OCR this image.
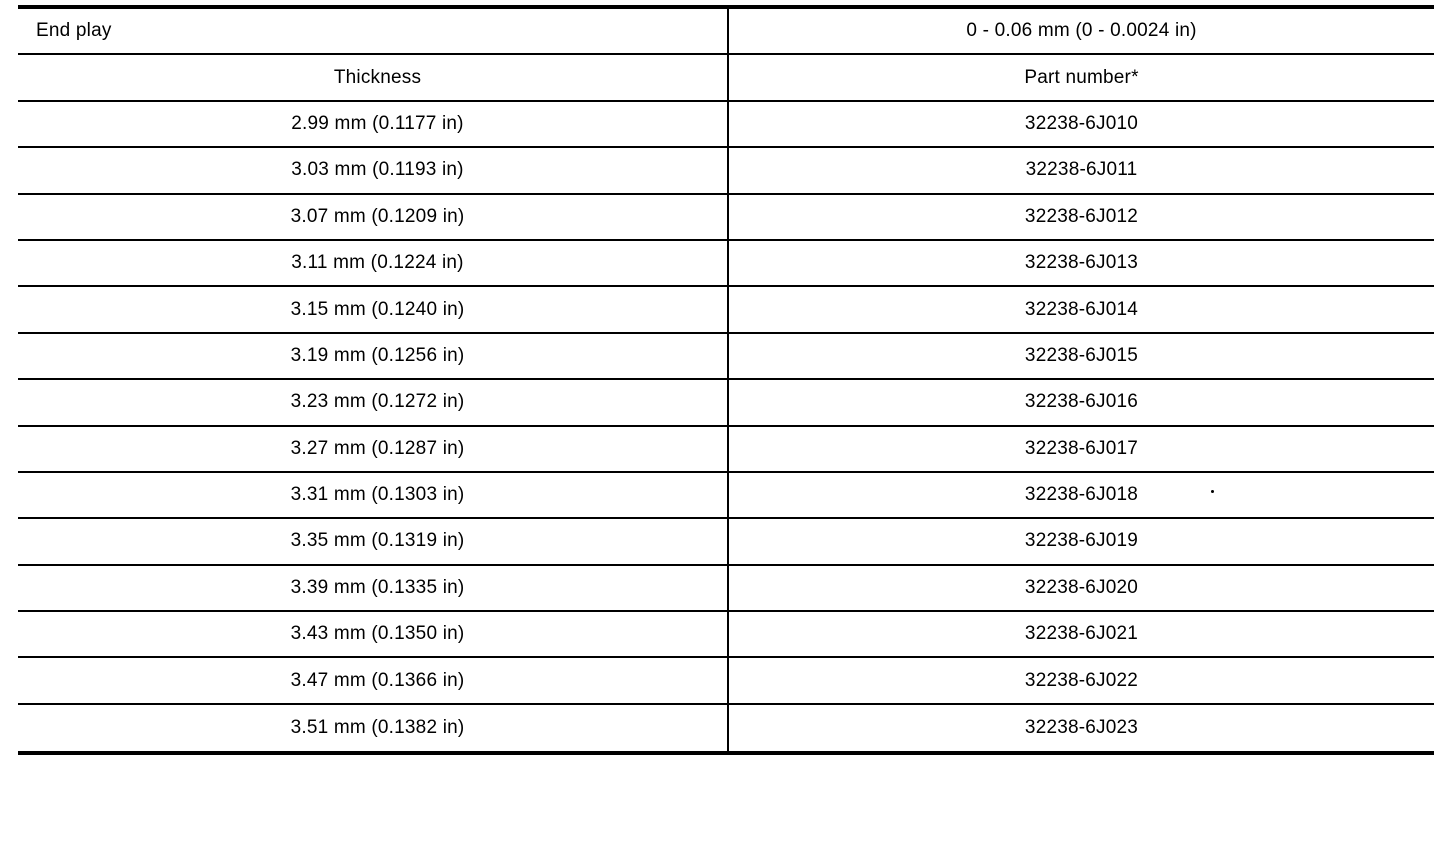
End play	0 - 0.06 mm (0 - 0.0024 in)
Thickness	Part number*
2.99 mm (0.1177 in)	32238-6J010
3.03 mm (0.1193 in)	32238-6J011
3.07 mm (0.1209 in)	32238-6J012
3.11 mm (0.1224 in)	32238-6J013
3.15 mm (0.1240 in)	32238-6J014
3.19 mm (0.1256 in)	32238-6J015
3.23 mm (0.1272 in)	32238-6J016
3.27 mm (0.1287 in)	32238-6J017
3.31 mm (0.1303 in)	32238-6J018
3.35 mm (0.1319 in)	32238-6J019
3.39 mm (0.1335 in)	32238-6J020
3.43 mm (0.1350 in)	32238-6J021
3.47 mm (0.1366 in)	32238-6J022
3.51 mm (0.1382 in)	32238-6J023
